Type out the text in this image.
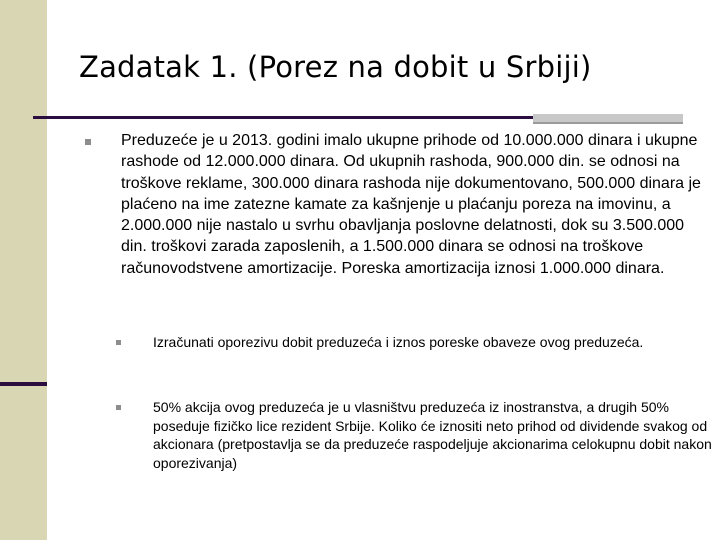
Zadatak 1. (Porez na dobit u Srbiji)
Preduzeće je u 2013. godini imalo ukupne prihode od 10.000.000 dinara i ukupne rashode od 12.000.000 dinara. Od ukupnih rashoda, 900.000 din. se odnosi na troškove reklame, 300.000 dinara rashoda nije dokumentovano, 500.000 dinara je plaćeno na ime zatezne kamate za kašnjenje u plaćanju poreza na imovinu, a 2.000.000 nije nastalo u svrhu obavljanja poslovne delatnosti, dok su 3.500.000 din. troškovi zarada zaposlenih, a 1.500.000 dinara se odnosi na troškove računovodstvene amortizacije. Poreska amortizacija iznosi 1.000.000 dinara.
Izračunati oporezivu dobit preduzeća i iznos poreske obaveze ovog preduzeća.
50% akcija ovog preduzeća je u vlasništvu preduzeća iz inostranstva, a drugih 50% poseduje fizičko lice rezident Srbije. Koliko će iznositi neto prihod od dividende svakog od akcionara (pretpostavlja se da preduzeće raspodeljuje akcionarima celokupnu dobit nakon oporezivanja)
